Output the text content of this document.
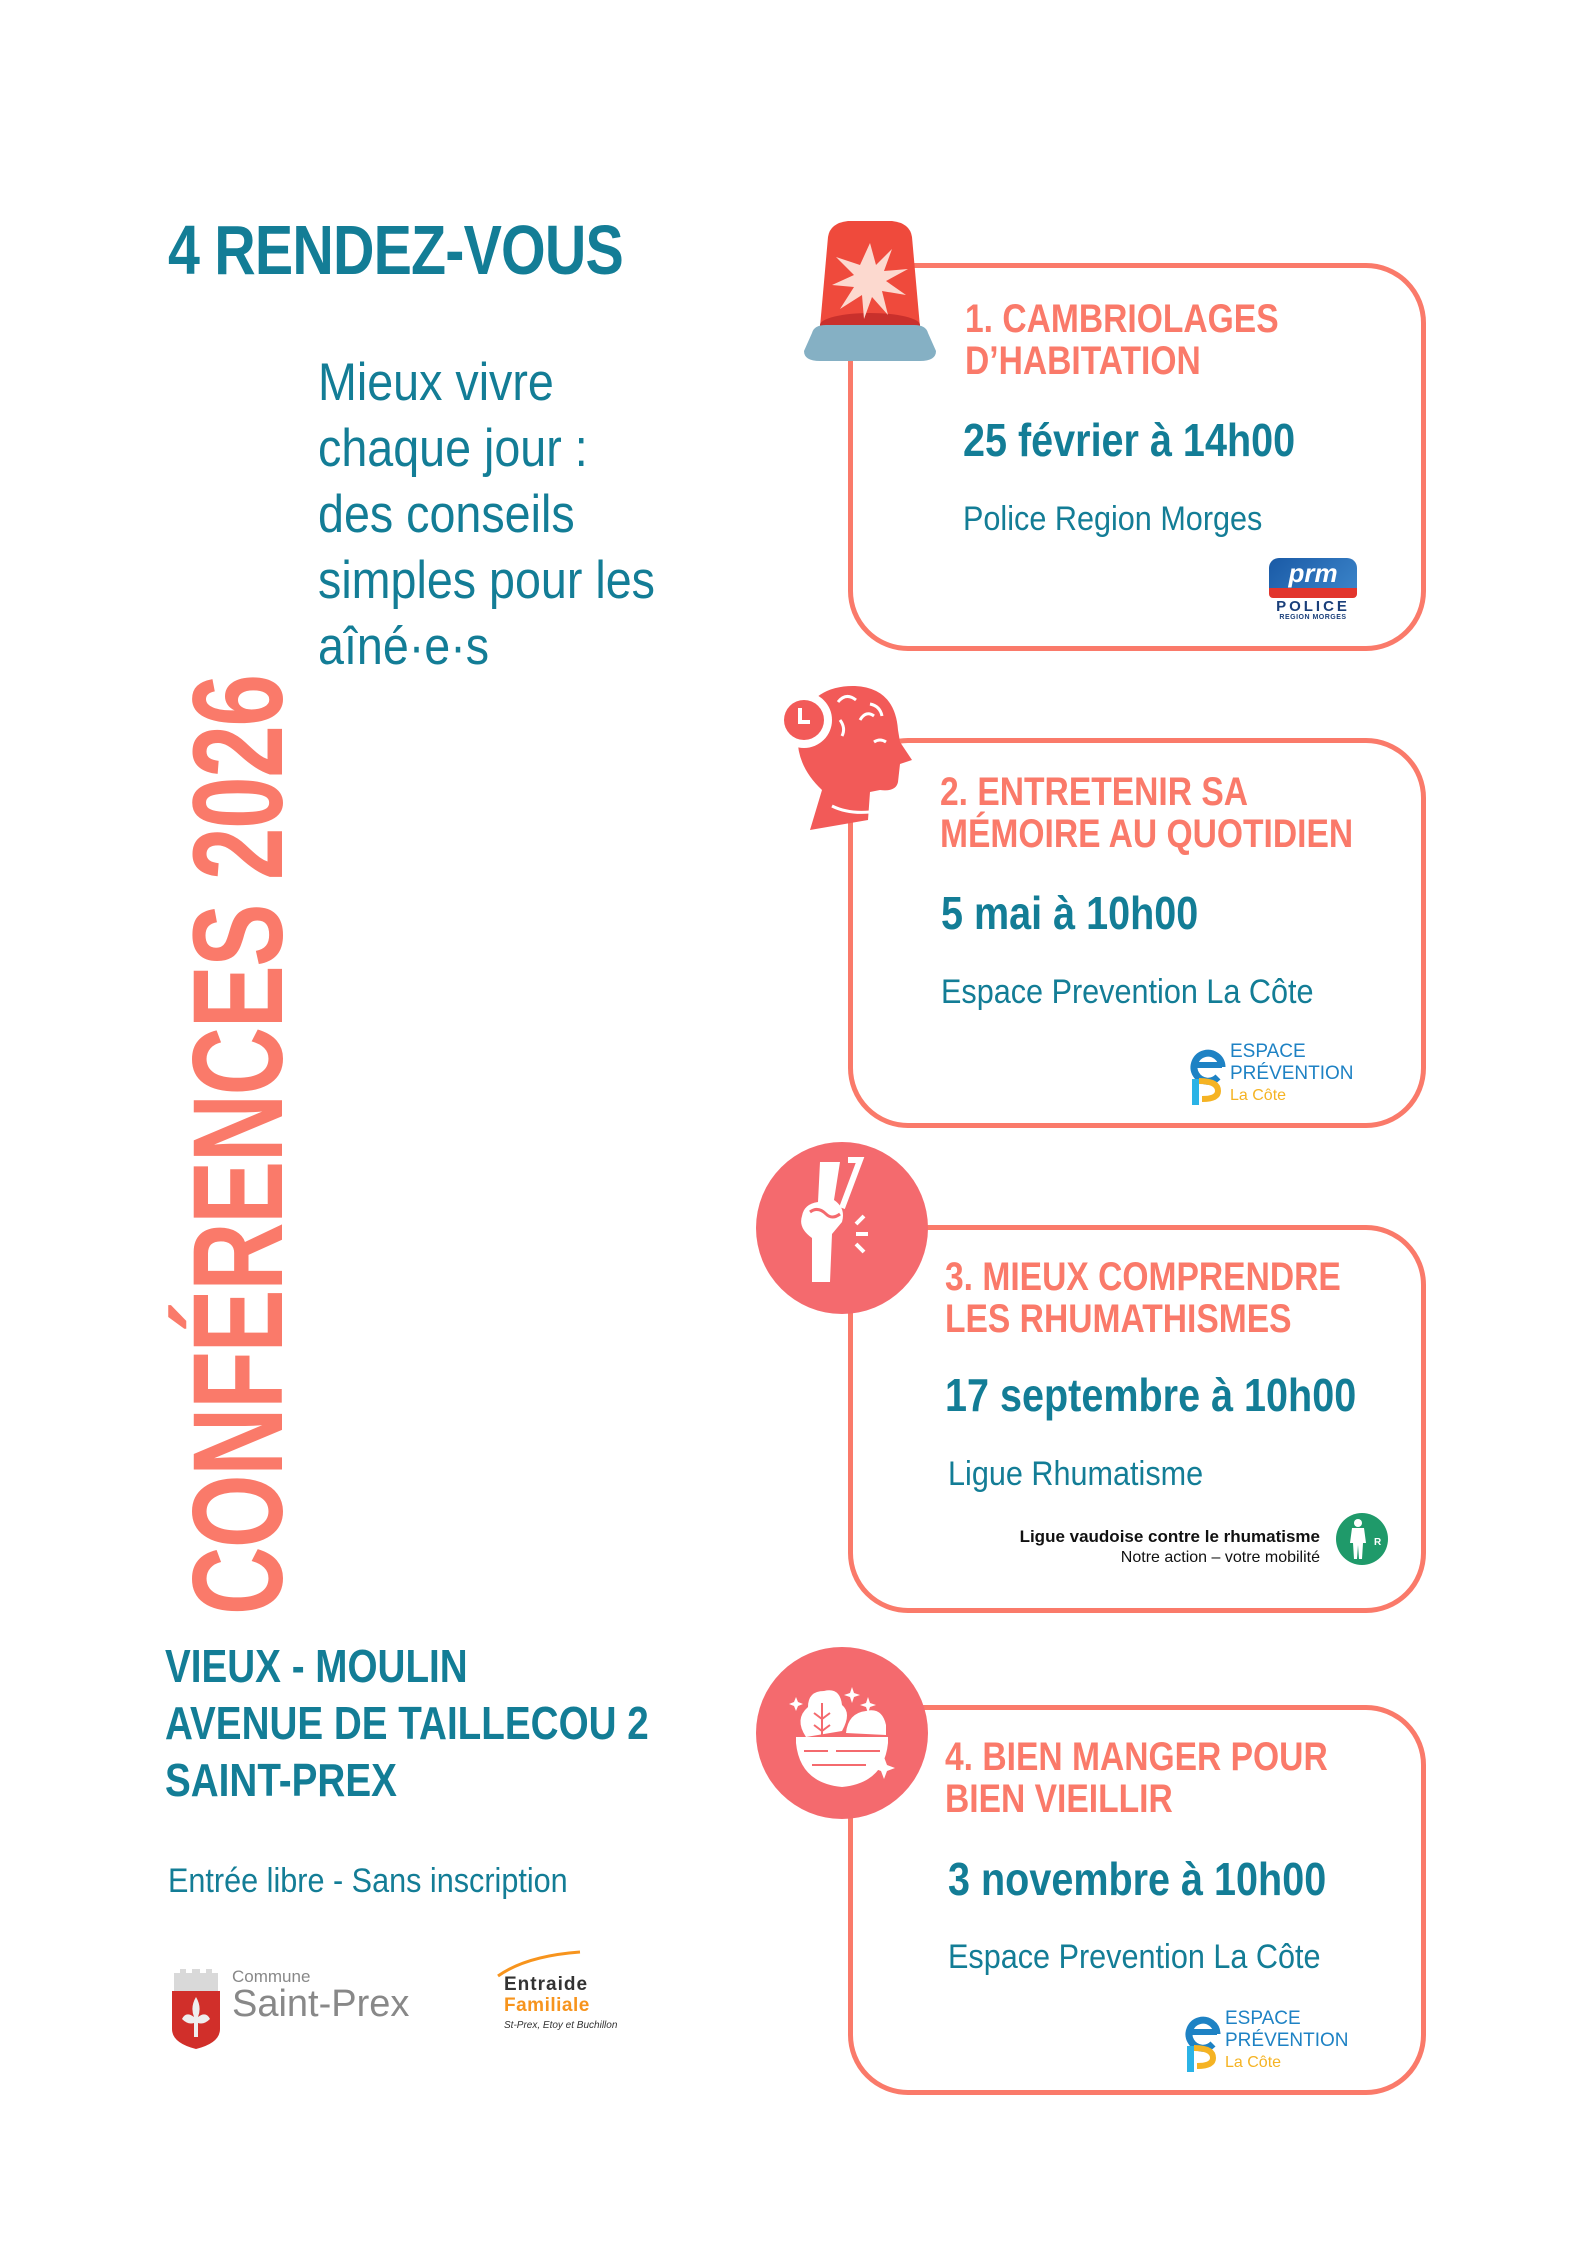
4 RENDEZ-VOUS
CONFÉRENCES 2026
Mieux vivre
chaque jour :
des conseils
simples pour les
aîné·e·s
1. CAMBRIOLAGES
D’HABITATION
25 février à 14h00
Police Region Morges
prm
POLICE
REGION MORGES
2. ENTRETENIR SA
MÉMOIRE AU QUOTIDIEN
5 mai à 10h00
Espace Prevention La Côte
ESPACE
PRÉVENTION
La Côte
3. MIEUX COMPRENDRE
LES RHUMATHISMES
17 septembre à 10h00
Ligue Rhumatisme
Ligue vaudoise contre le rhumatisme
Notre action – votre mobilité
R
4. BIEN MANGER POUR
BIEN VIEILLIR
3 novembre à 10h00
Espace Prevention La Côte
ESPACE
PRÉVENTION
La Côte
VIEUX - MOULIN
AVENUE DE TAILLECOU 2
SAINT-PREX
Entrée libre - Sans inscription
Commune
Saint-Prex	Entraide
Familiale
St-Prex, Etoy et Buchillon
